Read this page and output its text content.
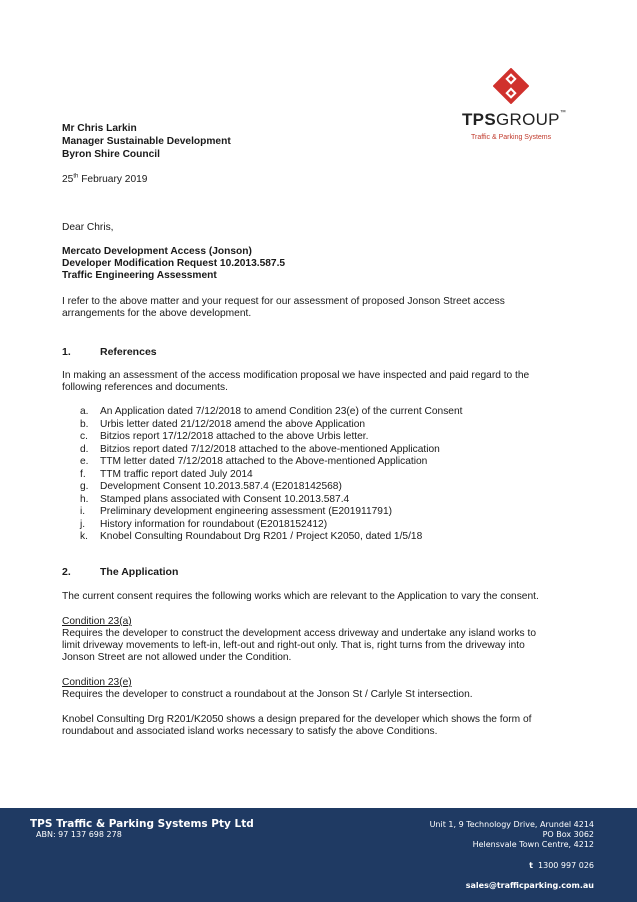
TPSGROUP™
Traffic & Parking Systems
Mr Chris Larkin
Manager Sustainable Development
Byron Shire Council
25th February 2019
Dear Chris,
Mercato Development Access (Jonson)
Developer Modification Request 10.2013.587.5
Traffic Engineering Assessment
I refer to the above matter and your request for our assessment of proposed Jonson Street access
arrangements for the above development.
1.	References
In making an assessment of the access modification proposal we have inspected and paid regard to the
following references and documents.
a.	An Application dated 7/12/2018 to amend Condition 23(e) of the current Consent
b.	Urbis letter dated 21/12/2018 amend the above Application
c.	Bitzios report 17/12/2018 attached to the above Urbis letter.
d.	Bitzios report dated 7/12/2018 attached to the above-mentioned Application
e.	TTM letter dated 7/12/2018 attached to the Above-mentioned Application
f.	TTM traffic report dated July 2014
g.	Development Consent 10.2013.587.4 (E2018142568)
h.	Stamped plans associated with Consent 10.2013.587.4
i.	Preliminary development engineering assessment (E201911791)
j.	History information for roundabout (E2018152412)
k.	Knobel Consulting Roundabout Drg R201 / Project K2050, dated 1/5/18
2.	The Application
The current consent requires the following works which are relevant to the Application to vary the consent.
Condition 23(a)
Requires the developer to construct the development access driveway and undertake any island works to
limit driveway movements to left-in, left-out and right-out only. That is, right turns from the driveway into
Jonson Street are not allowed under the Condition.
Condition 23(e)
Requires the developer to construct a roundabout at the Jonson St / Carlyle St intersection.
Knobel Consulting Drg R201/K2050 shows a design prepared for the developer which shows the form of
roundabout and associated island works necessary to satisfy the above Conditions.
TPS Traffic & Parking Systems Pty Ltd
ABN: 97 137 698 278
Unit 1, 9 Technology Drive, Arundel 4214
PO Box 3062
Helensvale Town Centre, 4212
t 1300 997 026
sales@trafficparking.com.au
